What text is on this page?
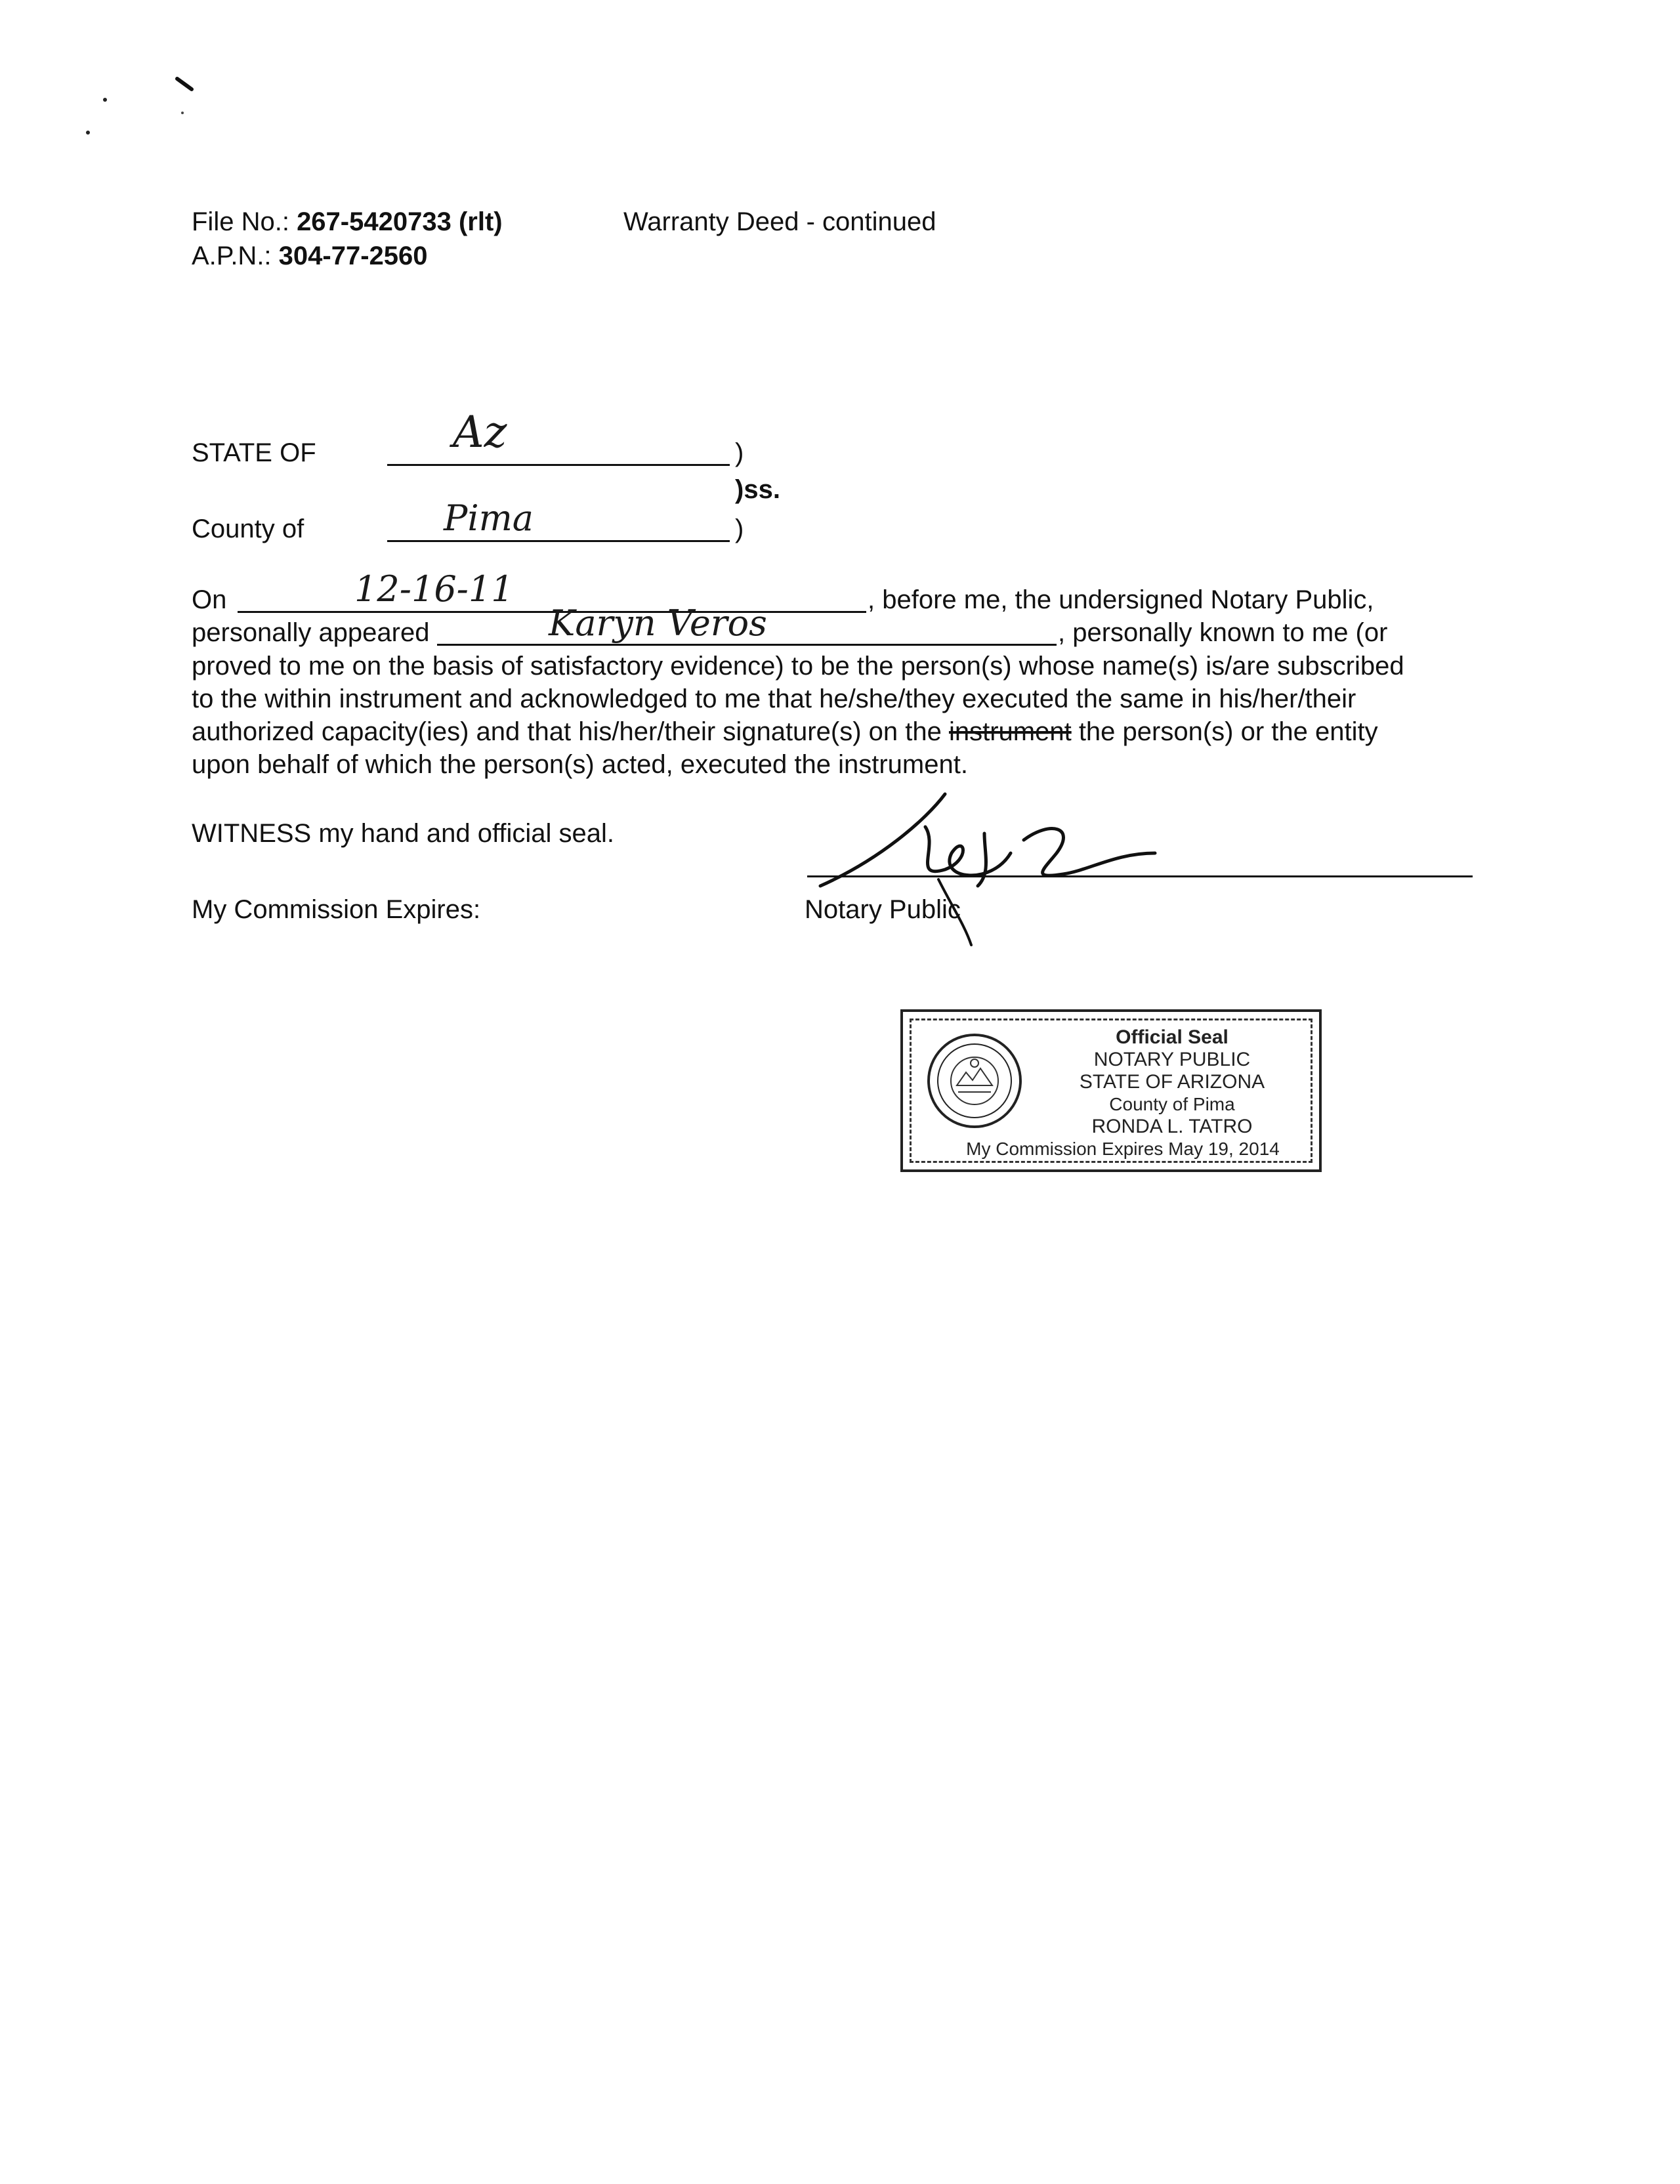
File No.: 267-5420733 (rlt)	Warranty Deed - continued
A.P.N.: 304-77-2560
STATE OF	Az	)
)ss.
County of	Pima	)
On	12-16-11	, before me, the undersigned Notary Public,
personally appeared	Karyn Veros	, personally known to me (or
proved to me on the basis of satisfactory evidence) to be the person(s) whose name(s) is/are subscribed
to the within instrument and acknowledged to me that he/she/they executed the same in his/her/their
authorized capacity(ies) and that his/her/their signature(s) on the instrument the person(s) or the entity
upon behalf of which the person(s) acted, executed the instrument.
WITNESS my hand and official seal.
My Commission Expires:	Notary Public
Official Seal
NOTARY PUBLIC
STATE OF ARIZONA
County of Pima
RONDA L. TATRO
My Commission Expires May 19, 2014
